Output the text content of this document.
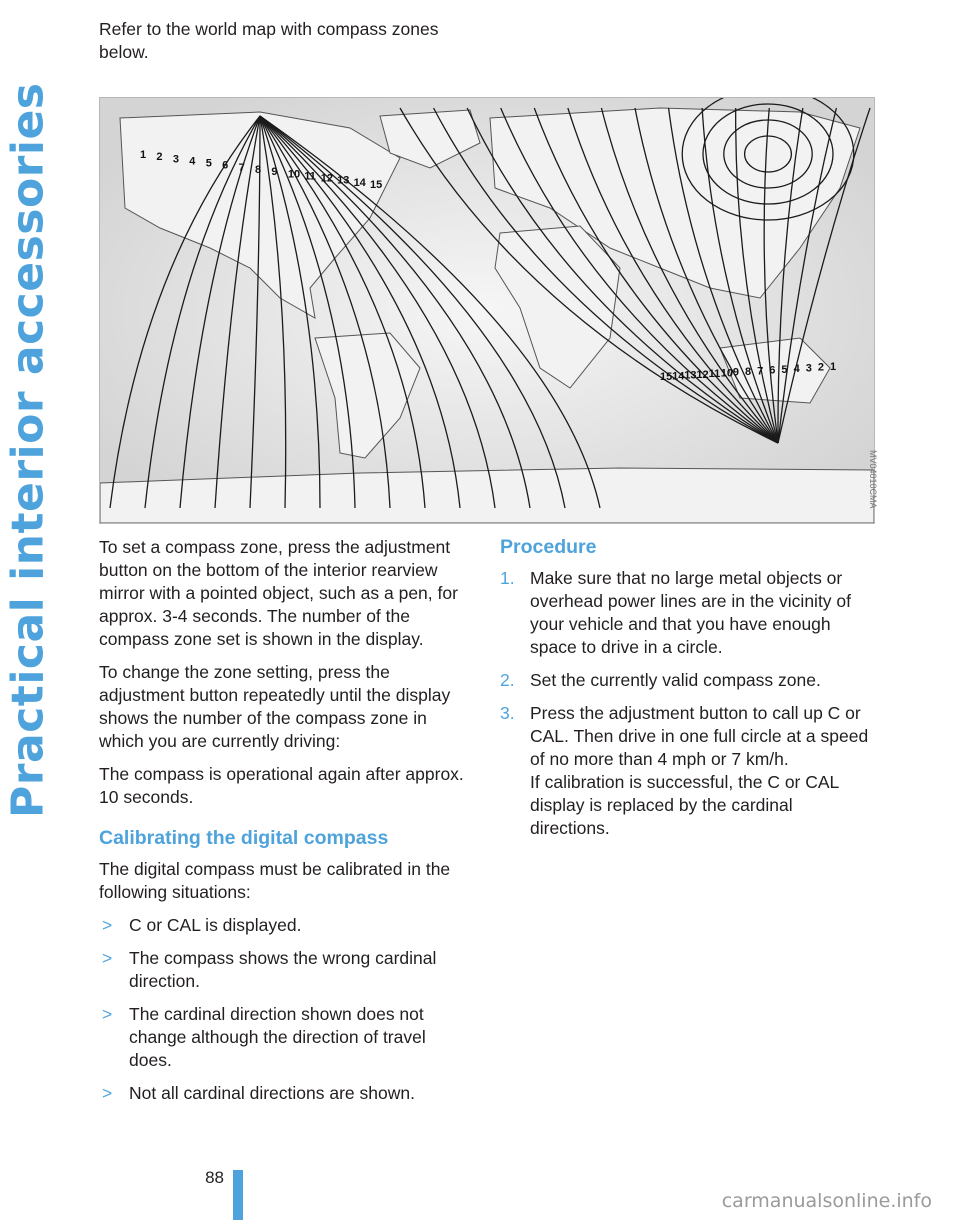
Practical interior accessories

Refer to the world map with compass zones below.

1 2 3 4 5 6 7 8 9 10 11 12 13 14 15
15 14 13 12 11 10 9 8 7 6 5 4 3 2 1
MV04010CMA

To set a compass zone, press the adjustment button on the bottom of the interior rearview mirror with a pointed object, such as a pen, for approx. 3-4 seconds. The number of the compass zone set is shown in the display.

To change the zone setting, press the adjustment button repeatedly until the display shows the number of the compass zone in which you are currently driving:

The compass is operational again after approx. 10 seconds.

Calibrating the digital compass

The digital compass must be calibrated in the following situations:

> C or CAL is displayed.
> The compass shows the wrong cardinal direction.
> The cardinal direction shown does not change although the direction of travel does.
> Not all cardinal directions are shown.
Procedure
1. Make sure that no large metal objects or overhead power lines are in the vicinity of your vehicle and that you have enough space to drive in a circle.
2. Set the currently valid compass zone.
3. Press the adjustment button to call up C or CAL. Then drive in one full circle at a speed of no more than 4 mph or 7 km/h.
If calibration is successful, the C or CAL display is replaced by the cardinal directions.
88
carmanualsonline.info
